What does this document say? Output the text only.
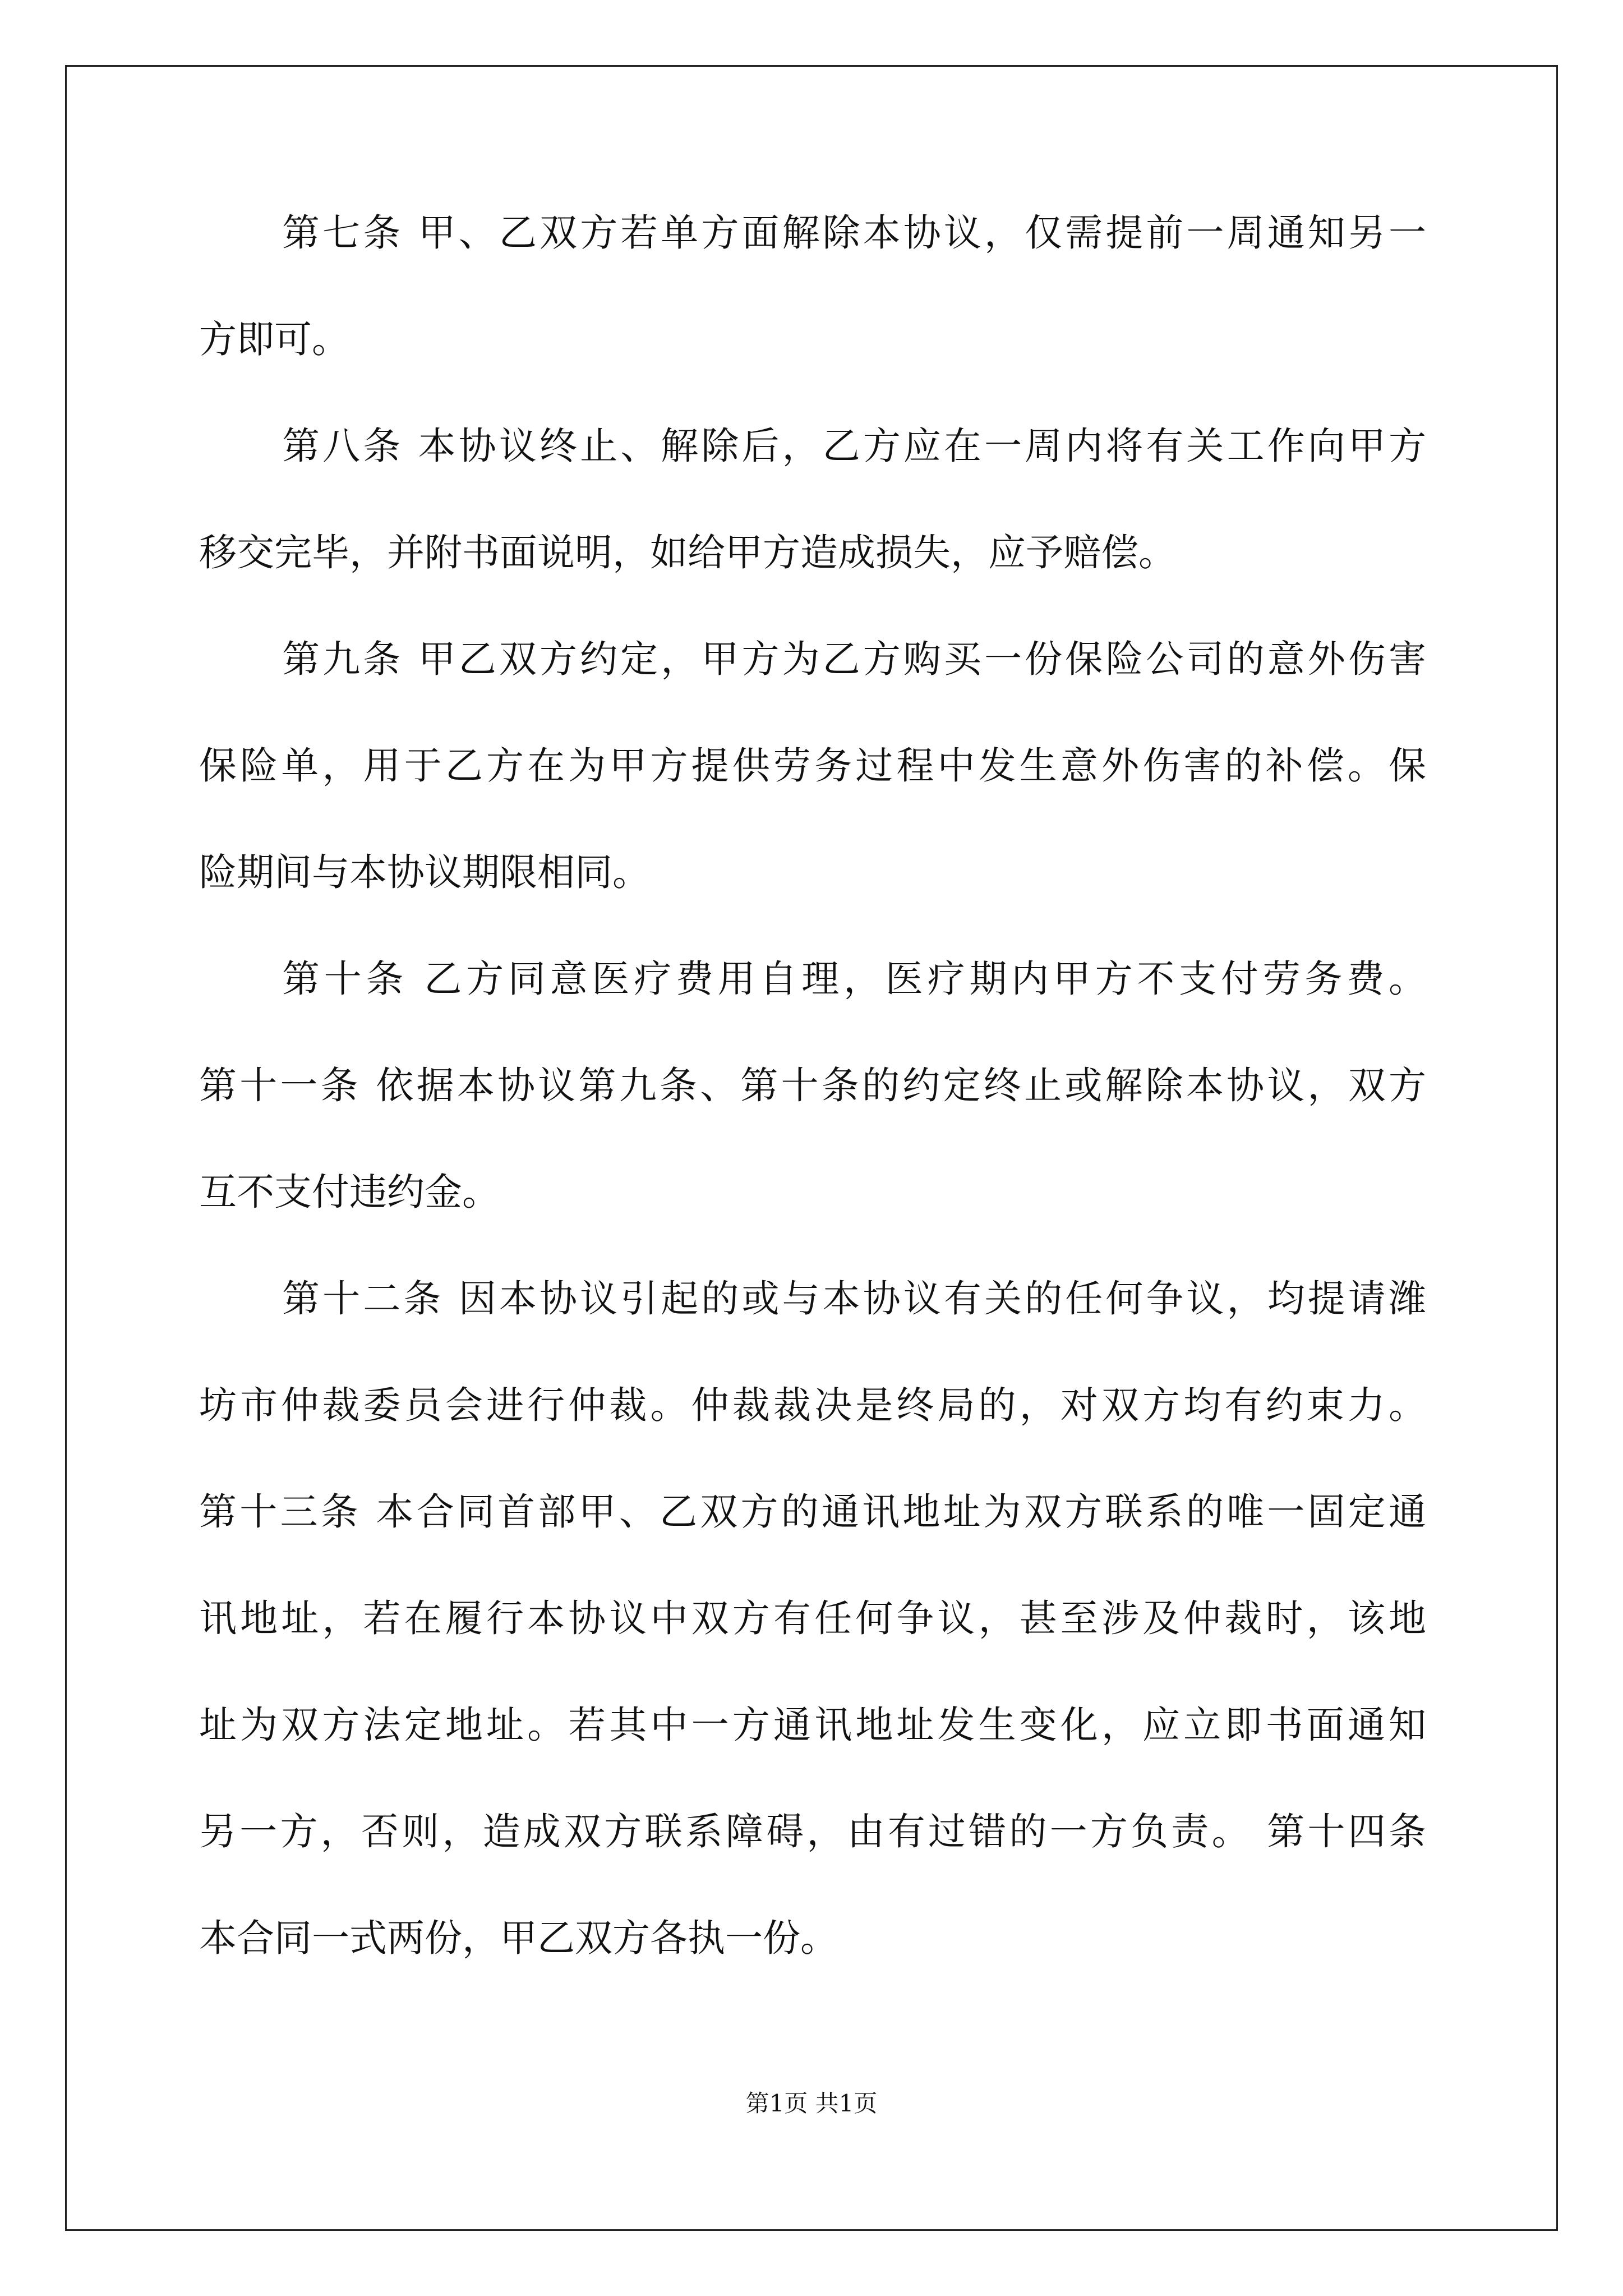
第七条 甲、乙双方若单方面解除本协议，仅需提前一周通知另一
方即可。
第八条 本协议终止、解除后，乙方应在一周内将有关工作向甲方
移交完毕，并附书面说明，如给甲方造成损失，应予赔偿。
第九条 甲乙双方约定，甲方为乙方购买一份保险公司的意外伤害
保险单，用于乙方在为甲方提供劳务过程中发生意外伤害的补偿。保
险期间与本协议期限相同。
第十条 乙方同意医疗费用自理，医疗期内甲方不支付劳务费。
第十一条 依据本协议第九条、第十条的约定终止或解除本协议，双方
互不支付违约金。
第十二条 因本协议引起的或与本协议有关的任何争议，均提请潍
坊市仲裁委员会进行仲裁。仲裁裁决是终局的，对双方均有约束力。
第十三条 本合同首部甲、乙双方的通讯地址为双方联系的唯一固定通
讯地址，若在履行本协议中双方有任何争议，甚至涉及仲裁时，该地
址为双方法定地址。若其中一方通讯地址发生变化，应立即书面通知
另一方，否则，造成双方联系障碍，由有过错的一方负责。 第十四条
本合同一式两份，甲乙双方各执一份。
第1页 共1页
